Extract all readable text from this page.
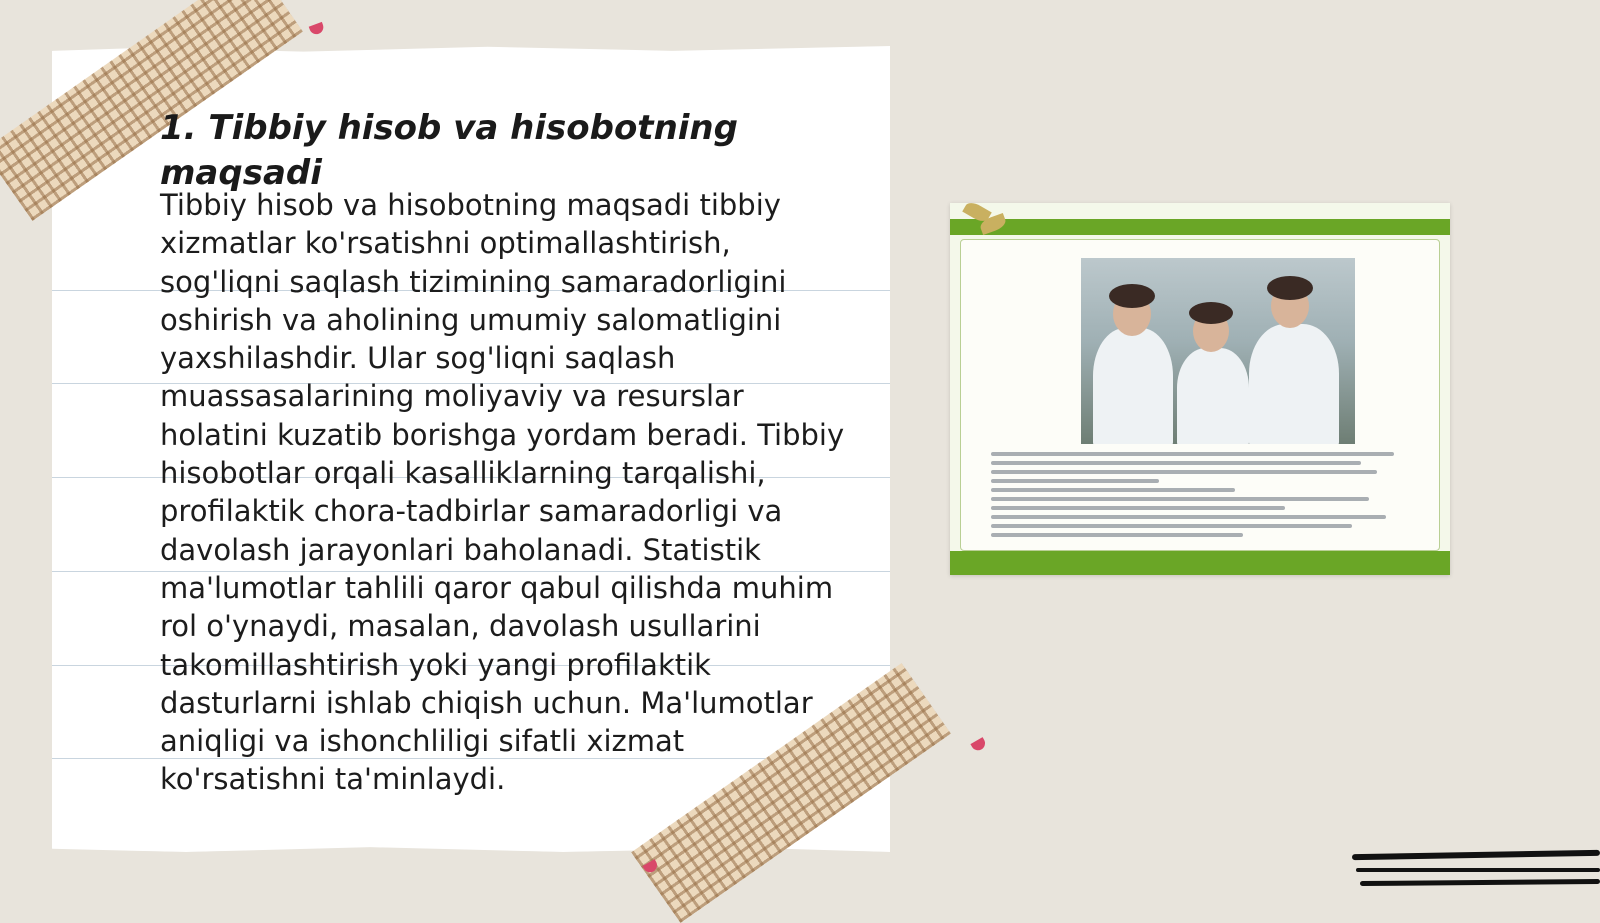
1. Tibbiy hisob va hisobotning maqsadi

Tibbiy hisob va hisobotning maqsadi tibbiy xizmatlar ko'rsatishni optimallashtirish, sog'liqni saqlash tizimining samaradorligini oshirish va aholining umumiy salomatligini yaxshilashdir. Ular sog'liqni saqlash muassasalarining moliyaviy va resurslar holatini kuzatib borishga yordam beradi. Tibbiy hisobotlar orqali kasalliklarning tarqalishi, profilaktik chora-tadbirlar samaradorligi va davolash jarayonlari baholanadi. Statistik ma'lumotlar tahlili qaror qabul qilishda muhim rol o'ynaydi, masalan, davolash usullarini takomillashtirish yoki yangi profilaktik dasturlarni ishlab chiqish uchun. Ma'lumotlar aniqligi va ishonchliligi sifatli xizmat ko'rsatishni ta'minlaydi.
